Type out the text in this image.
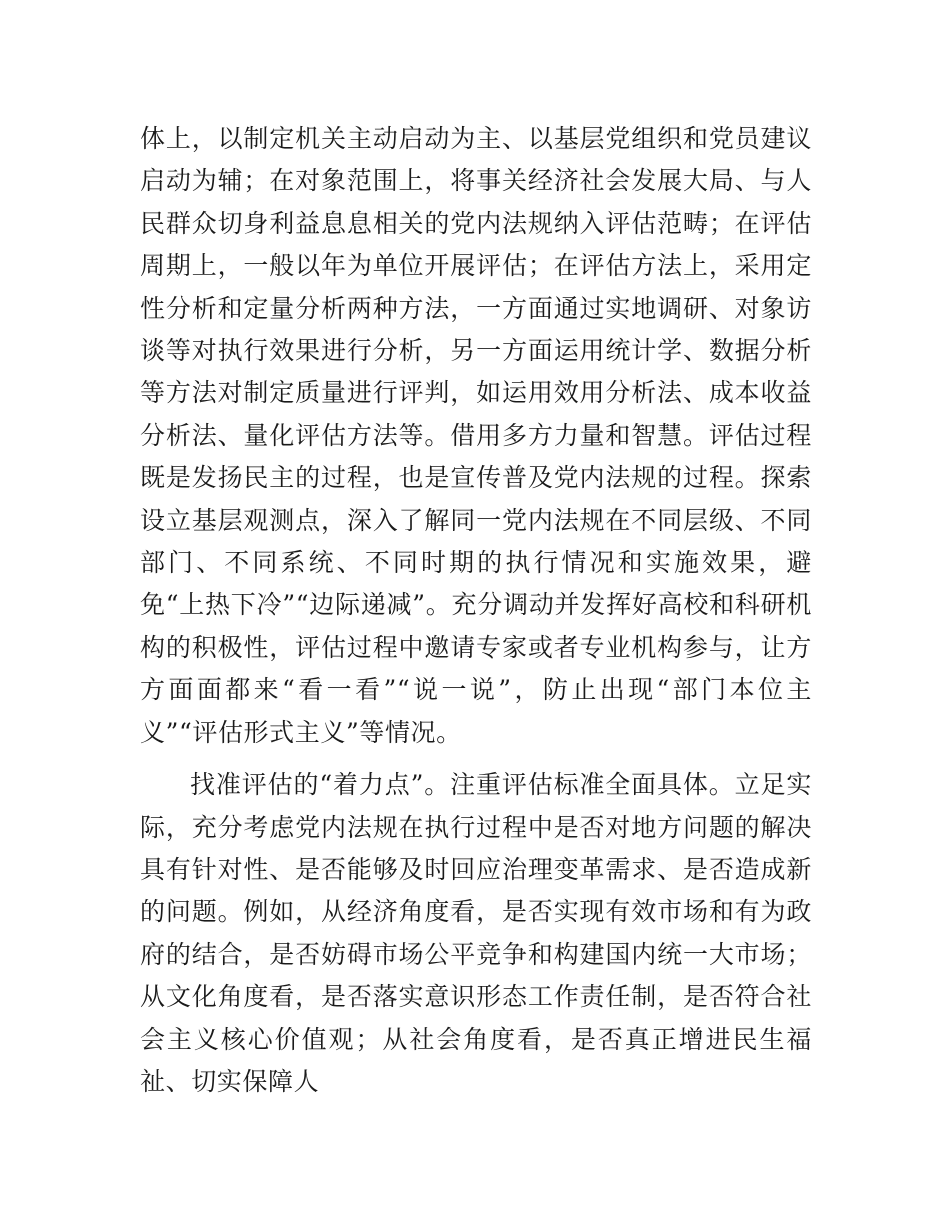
体上，以制定机关主动启动为主、以基层党组织和党员建议启动为辅；在对象范围上，将事关经济社会发展大局、与人民群众切身利益息息相关的党内法规纳入评估范畴；在评估周期上，一般以年为单位开展评估；在评估方法上，采用定性分析和定量分析两种方法，一方面通过实地调研、对象访谈等对执行效果进行分析，另一方面运用统计学、数据分析等方法对制定质量进行评判，如运用效用分析法、成本收益分析法、量化评估方法等。借用多方力量和智慧。评估过程既是发扬民主的过程，也是宣传普及党内法规的过程。探索设立基层观测点，深入了解同一党内法规在不同层级、不同部门、不同系统、不同时期的执行情况和实施效果，避免“上热下冷”“边际递减”。充分调动并发挥好高校和科研机构的积极性，评估过程中邀请专家或者专业机构参与，让方方面面都来“看一看”“说一说”，防止出现“部门本位主义”“评估形式主义”等情况。

找准评估的“着力点”。注重评估标准全面具体。立足实际，充分考虑党内法规在执行过程中是否对地方问题的解决具有针对性、是否能够及时回应治理变革需求、是否造成新的问题。例如，从经济角度看，是否实现有效市场和有为政府的结合，是否妨碍市场公平竞争和构建国内统一大市场；从文化角度看，是否落实意识形态工作责任制，是否符合社会主义核心价值观；从社会角度看，是否真正增进民生福祉、切实保障人
